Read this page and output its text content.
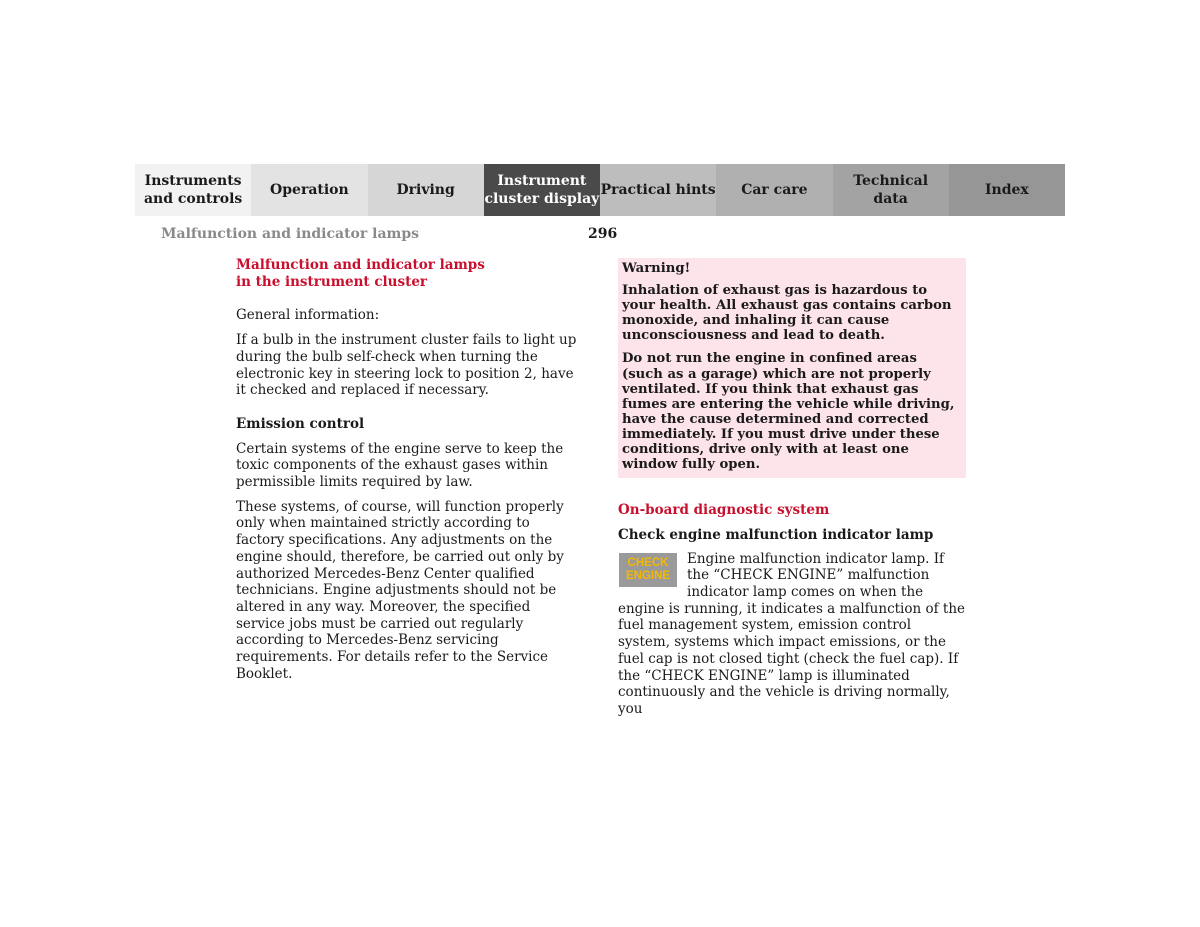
Instruments
and controls
Operation	Driving
Instrument
cluster display
Practical hints	Car care
Technical
data
Index
Malfunction and indicator lamps	296
Malfunction and indicator lamps
in the instrument cluster

General information:

If a bulb in the instrument cluster fails to light up during the bulb self-check when turning the electronic key in steering lock to position 2, have it checked and replaced if necessary.

Emission control

Certain systems of the engine serve to keep the toxic components of the exhaust gases within permissible limits required by law.

These systems, of course, will function properly only when maintained strictly according to factory specifications. Any adjustments on the engine should, therefore, be carried out only by authorized Mercedes-Benz Center qualified technicians. Engine adjustments should not be altered in any way. Moreover, the specified service jobs must be carried out regularly according to Mercedes-Benz servicing requirements. For details refer to the Service Booklet.

Warning!

Inhalation of exhaust gas is hazardous to your health. All exhaust gas contains carbon monoxide, and inhaling it can cause unconsciousness and lead to death.

Do not run the engine in confined areas (such as a garage) which are not properly ventilated. If you think that exhaust gas fumes are entering the vehicle while driving, have the cause determined and corrected immediately. If you must drive under these conditions, drive only with at least one window fully open.

On-board diagnostic system

Check engine malfunction indicator lamp

CHECK
ENGINE

Engine malfunction indicator lamp. If the “CHECK ENGINE” malfunction indicator lamp comes on when the engine is running, it indicates a malfunction of the fuel management system, emission control system, systems which impact emissions, or the fuel cap is not closed tight (check the fuel cap). If the “CHECK ENGINE” lamp is illuminated continuously and the vehicle is driving normally, you
